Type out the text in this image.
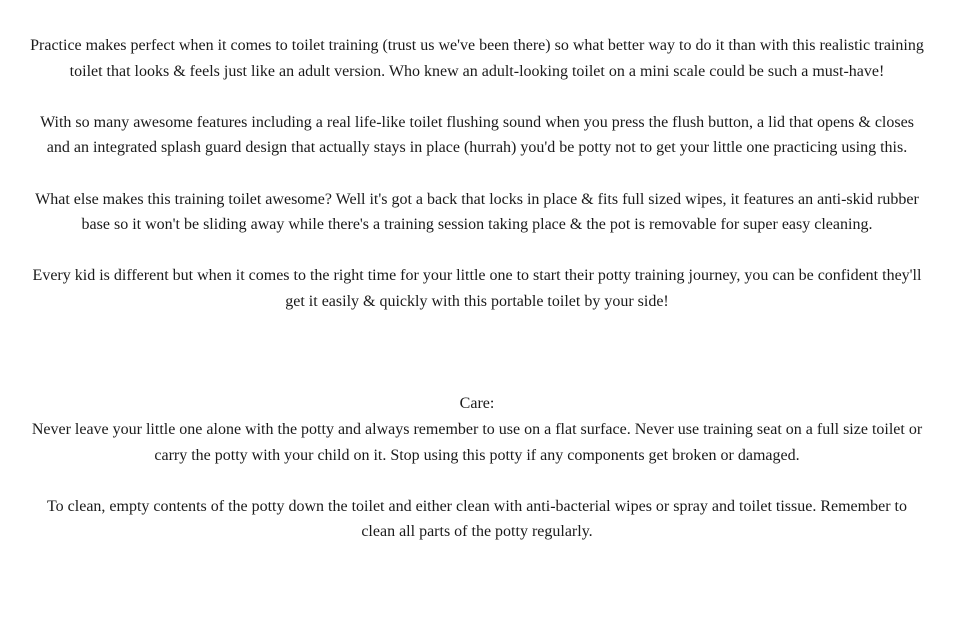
Practice makes perfect when it comes to toilet training (trust us we've been there) so what better way to do it than with this realistic training toilet that looks & feels just like an adult version. Who knew an adult-looking toilet on a mini scale could be such a must-have!

With so many awesome features including a real life-like toilet flushing sound when you press the flush button, a lid that opens & closes and an integrated splash guard design that actually stays in place (hurrah) you'd be potty not to get your little one practicing using this.

What else makes this training toilet awesome? Well it's got a back that locks in place & fits full sized wipes, it features an anti-skid rubber base so it won't be sliding away while there's a training session taking place & the pot is removable for super easy cleaning.

Every kid is different but when it comes to the right time for your little one to start their potty training journey, you can be confident they'll get it easily & quickly with this portable toilet by your side!

Care:

Never leave your little one alone with the potty and always remember to use on a flat surface. Never use training seat on a full size toilet or carry the potty with your child on it. Stop using this potty if any components get broken or damaged.

To clean, empty contents of the potty down the toilet and either clean with anti-bacterial wipes or spray and toilet tissue. Remember to clean all parts of the potty regularly.
